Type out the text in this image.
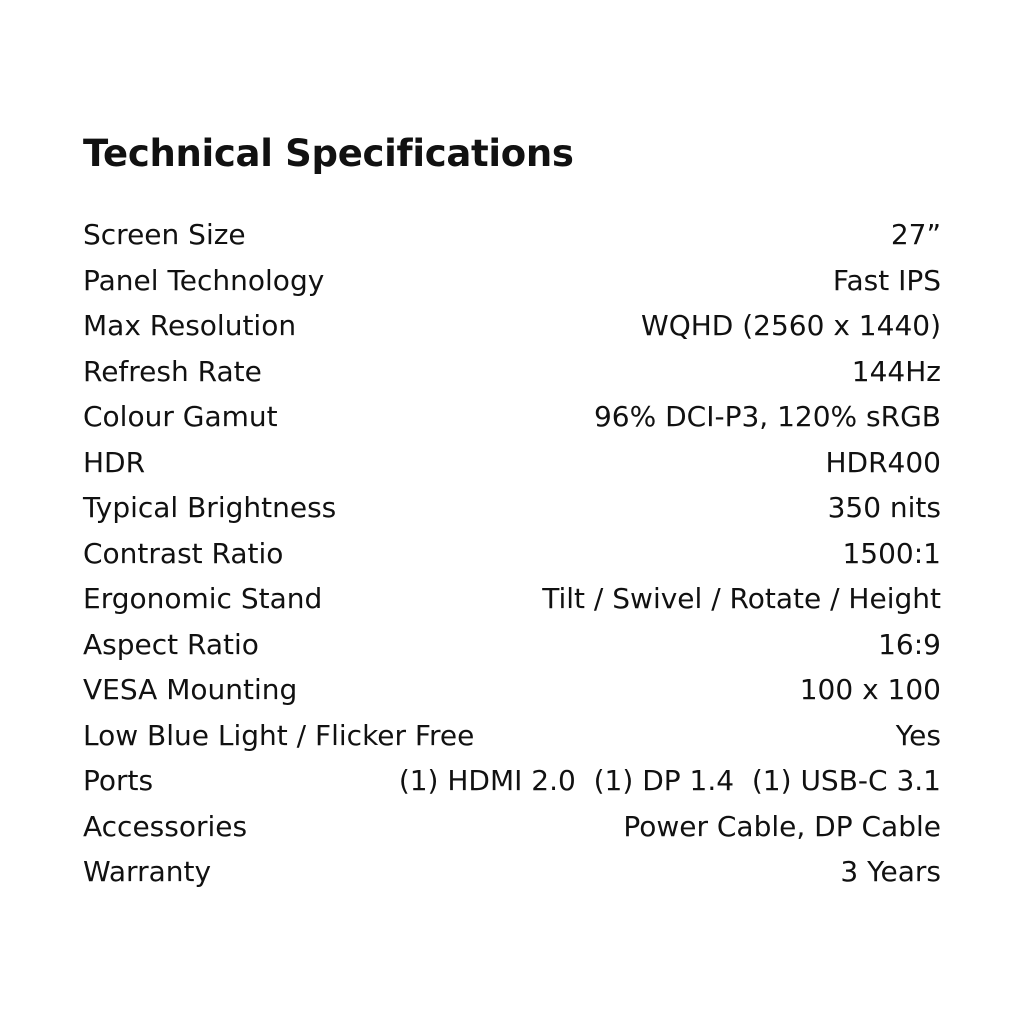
Technical Specifications
Screen Size	27”
Panel Technology	Fast IPS
Max Resolution	WQHD (2560 x 1440)
Refresh Rate	144Hz
Colour Gamut	96% DCI-P3, 120% sRGB
HDR	HDR400
Typical Brightness	350 nits
Contrast Ratio	1500:1
Ergonomic Stand	Tilt / Swivel / Rotate / Height
Aspect Ratio	16:9
VESA Mounting	100 x 100
Low Blue Light / Flicker Free	Yes
Ports	(1) HDMI 2.0  (1) DP 1.4  (1) USB-C 3.1
Accessories	Power Cable, DP Cable
Warranty	3 Years
